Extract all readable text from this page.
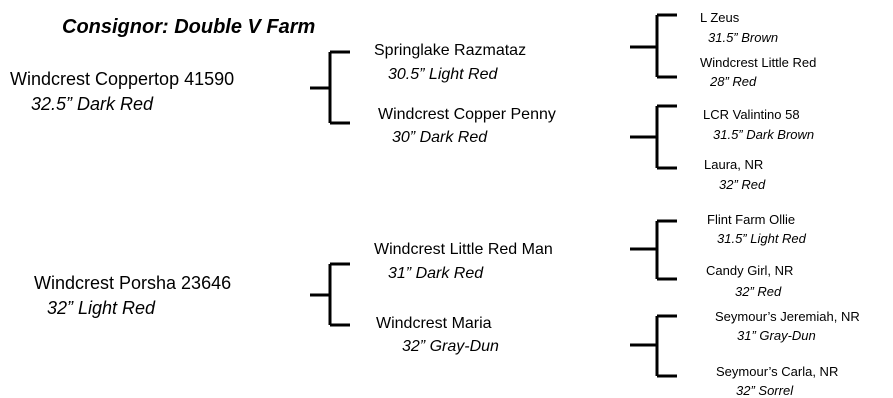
Consignor: Double V Farm
Windcrest Coppertop 41590
32.5” Dark Red
Springlake Razmataz
30.5” Light Red
Windcrest Copper Penny
30” Dark Red
L Zeus
31.5” Brown
Windcrest Little Red
28” Red
LCR Valintino 58
31.5” Dark Brown
Laura, NR
32” Red
Windcrest Porsha 23646
32” Light Red
Windcrest Little Red Man
31” Dark Red
Windcrest Maria
32” Gray-Dun
Flint Farm Ollie
31.5” Light Red
Candy Girl, NR
32” Red
Seymour’s Jeremiah, NR
31” Gray-Dun
Seymour’s Carla, NR
32” Sorrel
